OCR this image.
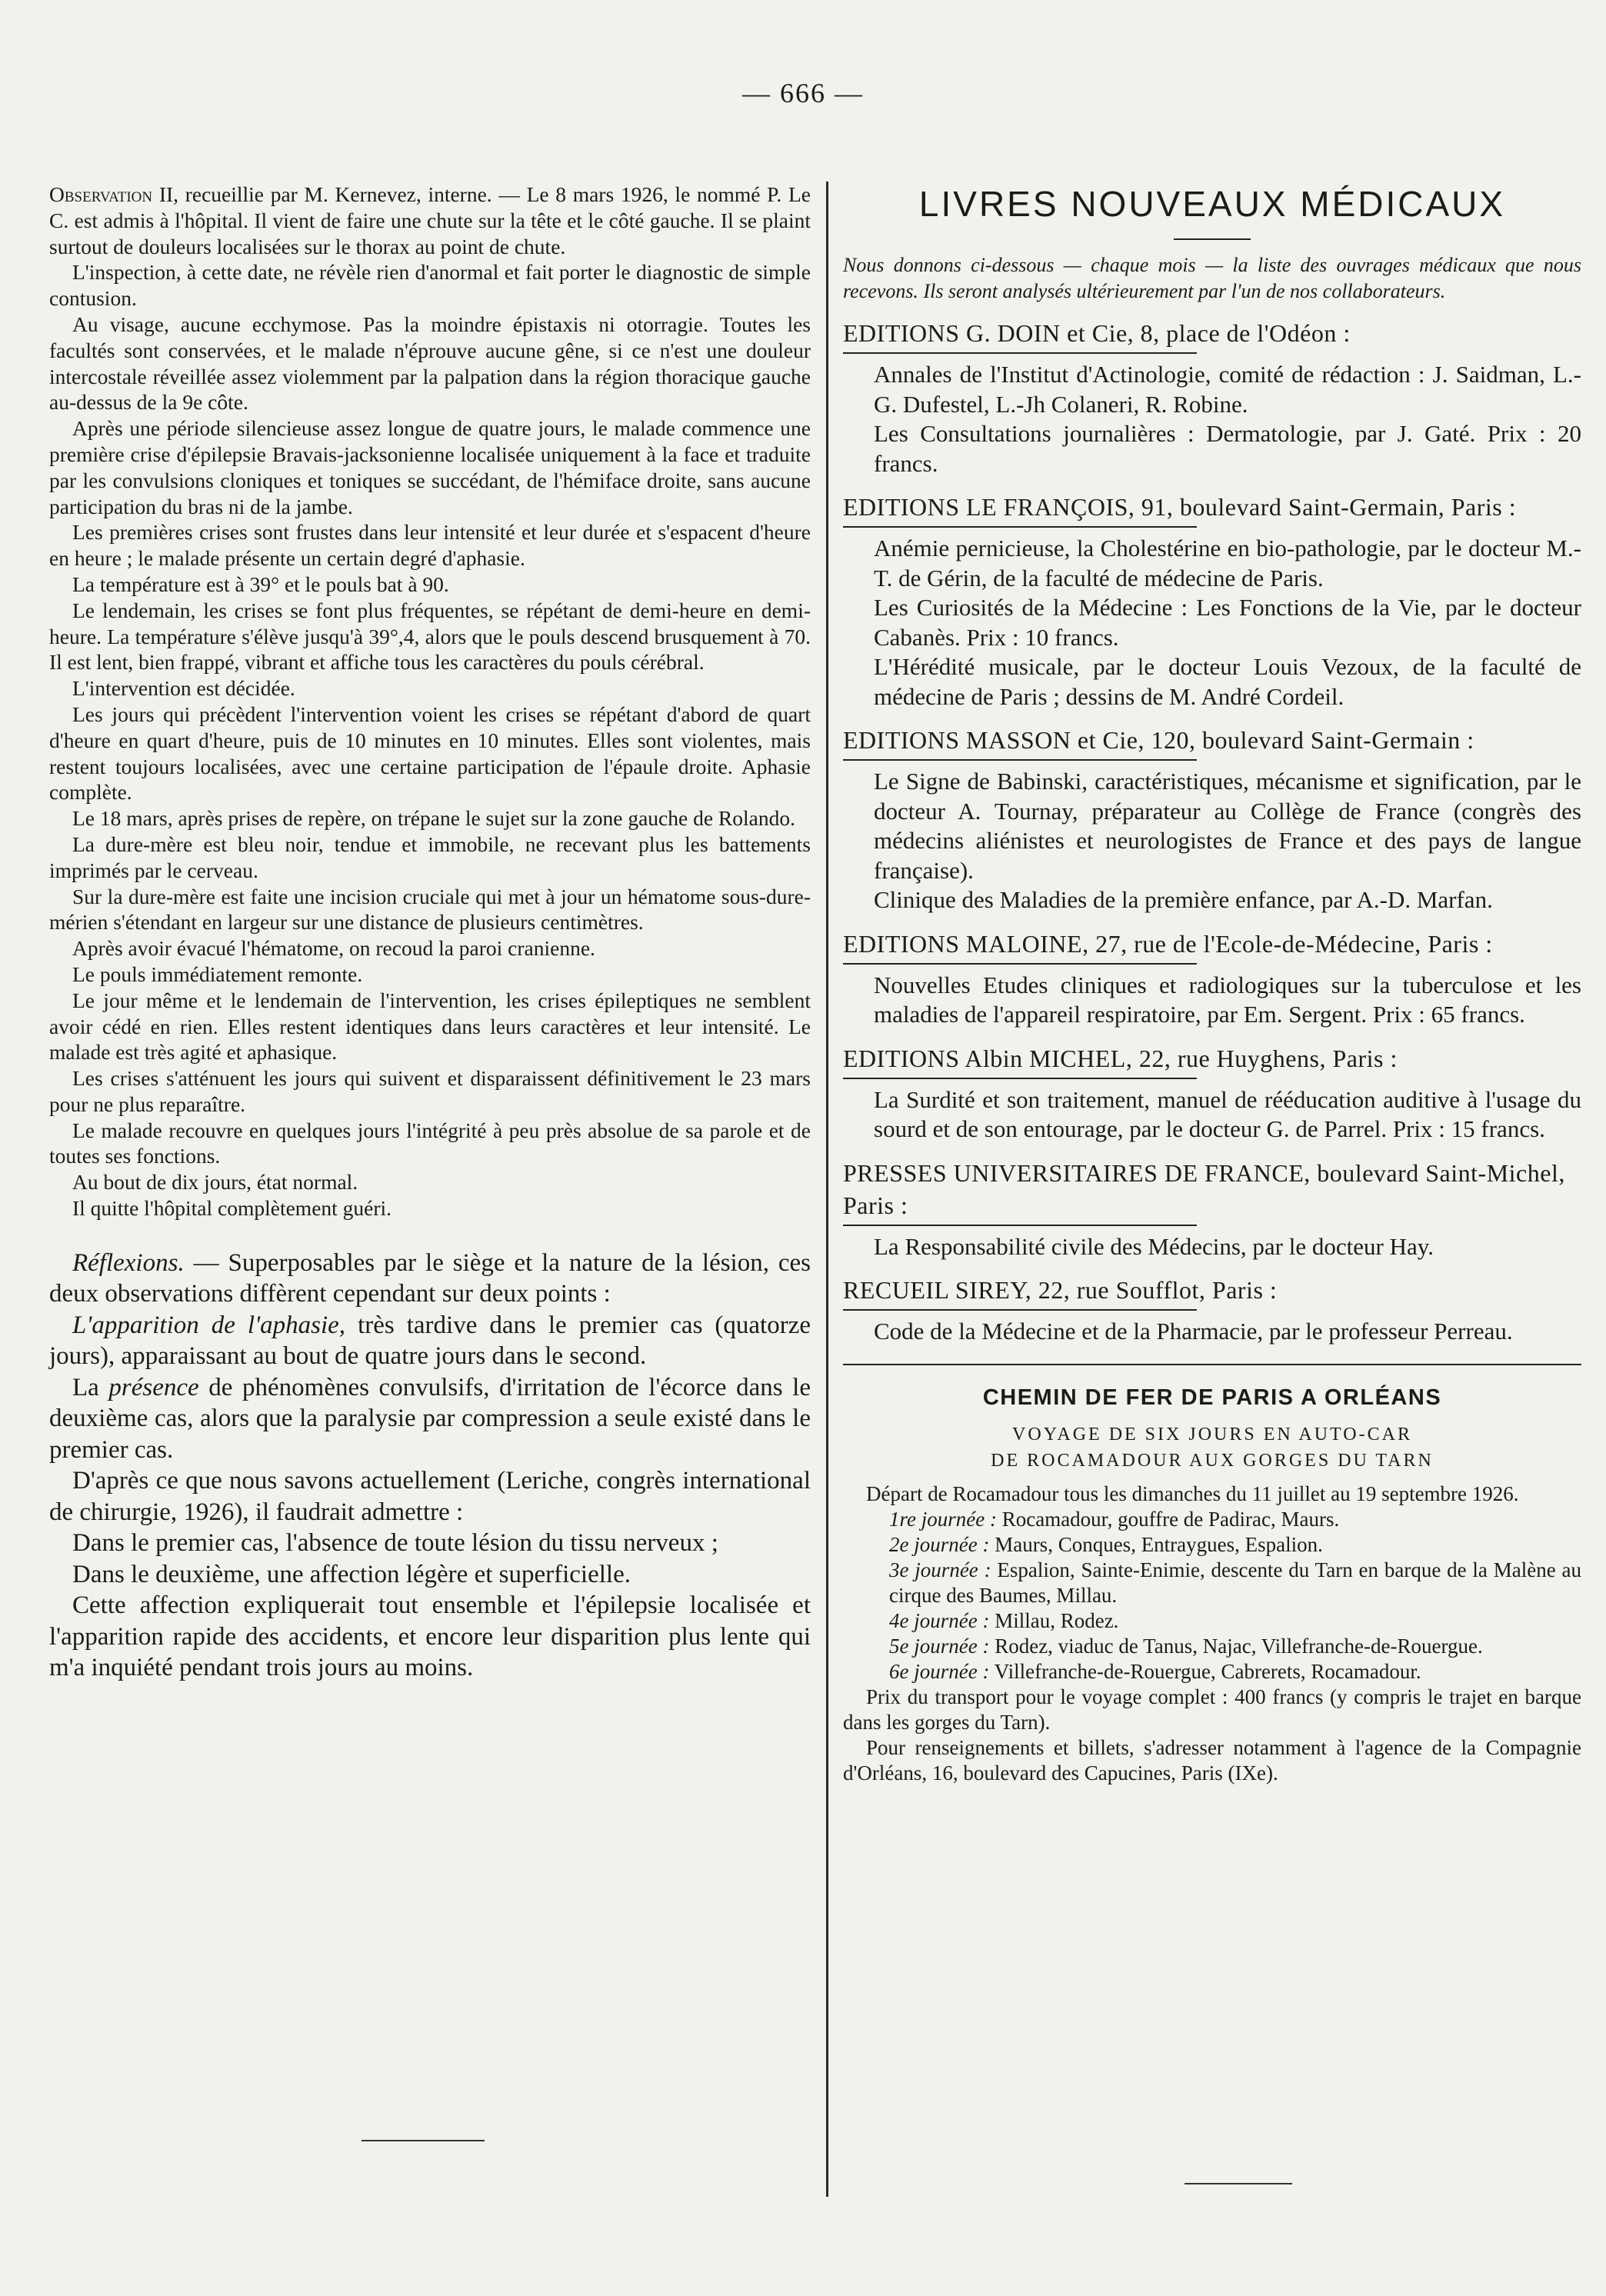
— 666 —

Observation II, recueillie par M. Kernevez, interne. — Le 8 mars 1926, le nommé P. Le C. est admis à l'hôpital. Il vient de faire une chute sur la tête et le côté gauche. Il se plaint surtout de douleurs localisées sur le thorax au point de chute.

L'inspection, à cette date, ne révèle rien d'anormal et fait porter le diagnostic de simple contusion.

Au visage, aucune ecchymose. Pas la moindre épistaxis ni otorragie. Toutes les facultés sont conservées, et le malade n'éprouve aucune gêne, si ce n'est une douleur intercostale réveillée assez violemment par la palpation dans la région thoracique gauche au-dessus de la 9e côte.

Après une période silencieuse assez longue de quatre jours, le malade commence une première crise d'épilepsie Bravais-jacksonienne localisée uniquement à la face et traduite par les convulsions cloniques et toniques se succédant, de l'hémiface droite, sans aucune participation du bras ni de la jambe.

Les premières crises sont frustes dans leur intensité et leur durée et s'espacent d'heure en heure ; le malade présente un certain degré d'aphasie.

La température est à 39° et le pouls bat à 90.

Le lendemain, les crises se font plus fréquentes, se répétant de demi-heure en demi-heure. La température s'élève jusqu'à 39°,4, alors que le pouls descend brusquement à 70. Il est lent, bien frappé, vibrant et affiche tous les caractères du pouls cérébral.

L'intervention est décidée.

Les jours qui précèdent l'intervention voient les crises se répétant d'abord de quart d'heure en quart d'heure, puis de 10 minutes en 10 minutes. Elles sont violentes, mais restent toujours localisées, avec une certaine participation de l'épaule droite. Aphasie complète.

Le 18 mars, après prises de repère, on trépane le sujet sur la zone gauche de Rolando.

La dure-mère est bleu noir, tendue et immobile, ne recevant plus les battements imprimés par le cerveau.

Sur la dure-mère est faite une incision cruciale qui met à jour un hématome sous-dure-mérien s'étendant en largeur sur une distance de plusieurs centimètres.

Après avoir évacué l'hématome, on recoud la paroi cranienne.

Le pouls immédiatement remonte.

Le jour même et le lendemain de l'intervention, les crises épileptiques ne semblent avoir cédé en rien. Elles restent identiques dans leurs caractères et leur intensité. Le malade est très agité et aphasique.

Les crises s'atténuent les jours qui suivent et disparaissent définitivement le 23 mars pour ne plus reparaître.

Le malade recouvre en quelques jours l'intégrité à peu près absolue de sa parole et de toutes ses fonctions.

Au bout de dix jours, état normal.

Il quitte l'hôpital complètement guéri.

Réflexions. — Superposables par le siège et la nature de la lésion, ces deux observations diffèrent cependant sur deux points :

L'apparition de l'aphasie, très tardive dans le premier cas (quatorze jours), apparaissant au bout de quatre jours dans le second.

La présence de phénomènes convulsifs, d'irritation de l'écorce dans le deuxième cas, alors que la paralysie par compression a seule existé dans le premier cas.

D'après ce que nous savons actuellement (Leriche, congrès international de chirurgie, 1926), il faudrait admettre :

Dans le premier cas, l'absence de toute lésion du tissu nerveux ;

Dans le deuxième, une affection légère et superficielle.

Cette affection expliquerait tout ensemble et l'épilepsie localisée et l'apparition rapide des accidents, et encore leur disparition plus lente qui m'a inquiété pendant trois jours au moins.

LIVRES NOUVEAUX MÉDICAUX

Nous donnons ci-dessous — chaque mois — la liste des ouvrages médicaux que nous recevons. Ils seront analysés ultérieurement par l'un de nos collaborateurs.

EDITIONS G. DOIN et Cie, 8, place de l'Odéon :

Annales de l'Institut d'Actinologie, comité de rédaction : J. Saidman, L.-G. Dufestel, L.-Jh Colaneri, R. Robine.

Les Consultations journalières : Dermatologie, par J. Gaté. Prix : 20 francs.

EDITIONS LE FRANÇOIS, 91, boulevard Saint-Germain, Paris :

Anémie pernicieuse, la Cholestérine en bio-pathologie, par le docteur M.-T. de Gérin, de la faculté de médecine de Paris.

Les Curiosités de la Médecine : Les Fonctions de la Vie, par le docteur Cabanès. Prix : 10 francs.

L'Hérédité musicale, par le docteur Louis Vezoux, de la faculté de médecine de Paris ; dessins de M. André Cordeil.

EDITIONS MASSON et Cie, 120, boulevard Saint-Germain :

Le Signe de Babinski, caractéristiques, mécanisme et signification, par le docteur A. Tournay, préparateur au Collège de France (congrès des médecins aliénistes et neurologistes de France et des pays de langue française).

Clinique des Maladies de la première enfance, par A.-D. Marfan.

EDITIONS MALOINE, 27, rue de l'Ecole-de-Médecine, Paris :

Nouvelles Etudes cliniques et radiologiques sur la tuberculose et les maladies de l'appareil respiratoire, par Em. Sergent. Prix : 65 francs.

EDITIONS Albin MICHEL, 22, rue Huyghens, Paris :

La Surdité et son traitement, manuel de rééducation auditive à l'usage du sourd et de son entourage, par le docteur G. de Parrel. Prix : 15 francs.

PRESSES UNIVERSITAIRES DE FRANCE, boulevard Saint-Michel, Paris :

La Responsabilité civile des Médecins, par le docteur Hay.

RECUEIL SIREY, 22, rue Soufflot, Paris :

Code de la Médecine et de la Pharmacie, par le professeur Perreau.

CHEMIN DE FER DE PARIS A ORLÉANS
VOYAGE DE SIX JOURS EN AUTO-CAR
DE ROCAMADOUR AUX GORGES DU TARN

Départ de Rocamadour tous les dimanches du 11 juillet au 19 septembre 1926.

1re journée : Rocamadour, gouffre de Padirac, Maurs.

2e journée : Maurs, Conques, Entraygues, Espalion.

3e journée : Espalion, Sainte-Enimie, descente du Tarn en barque de la Malène au cirque des Baumes, Millau.

4e journée : Millau, Rodez.

5e journée : Rodez, viaduc de Tanus, Najac, Villefranche-de-Rouergue.

6e journée : Villefranche-de-Rouergue, Cabrerets, Rocamadour.

Prix du transport pour le voyage complet : 400 francs (y compris le trajet en barque dans les gorges du Tarn).

Pour renseignements et billets, s'adresser notamment à l'agence de la Compagnie d'Orléans, 16, boulevard des Capucines, Paris (IXe).
